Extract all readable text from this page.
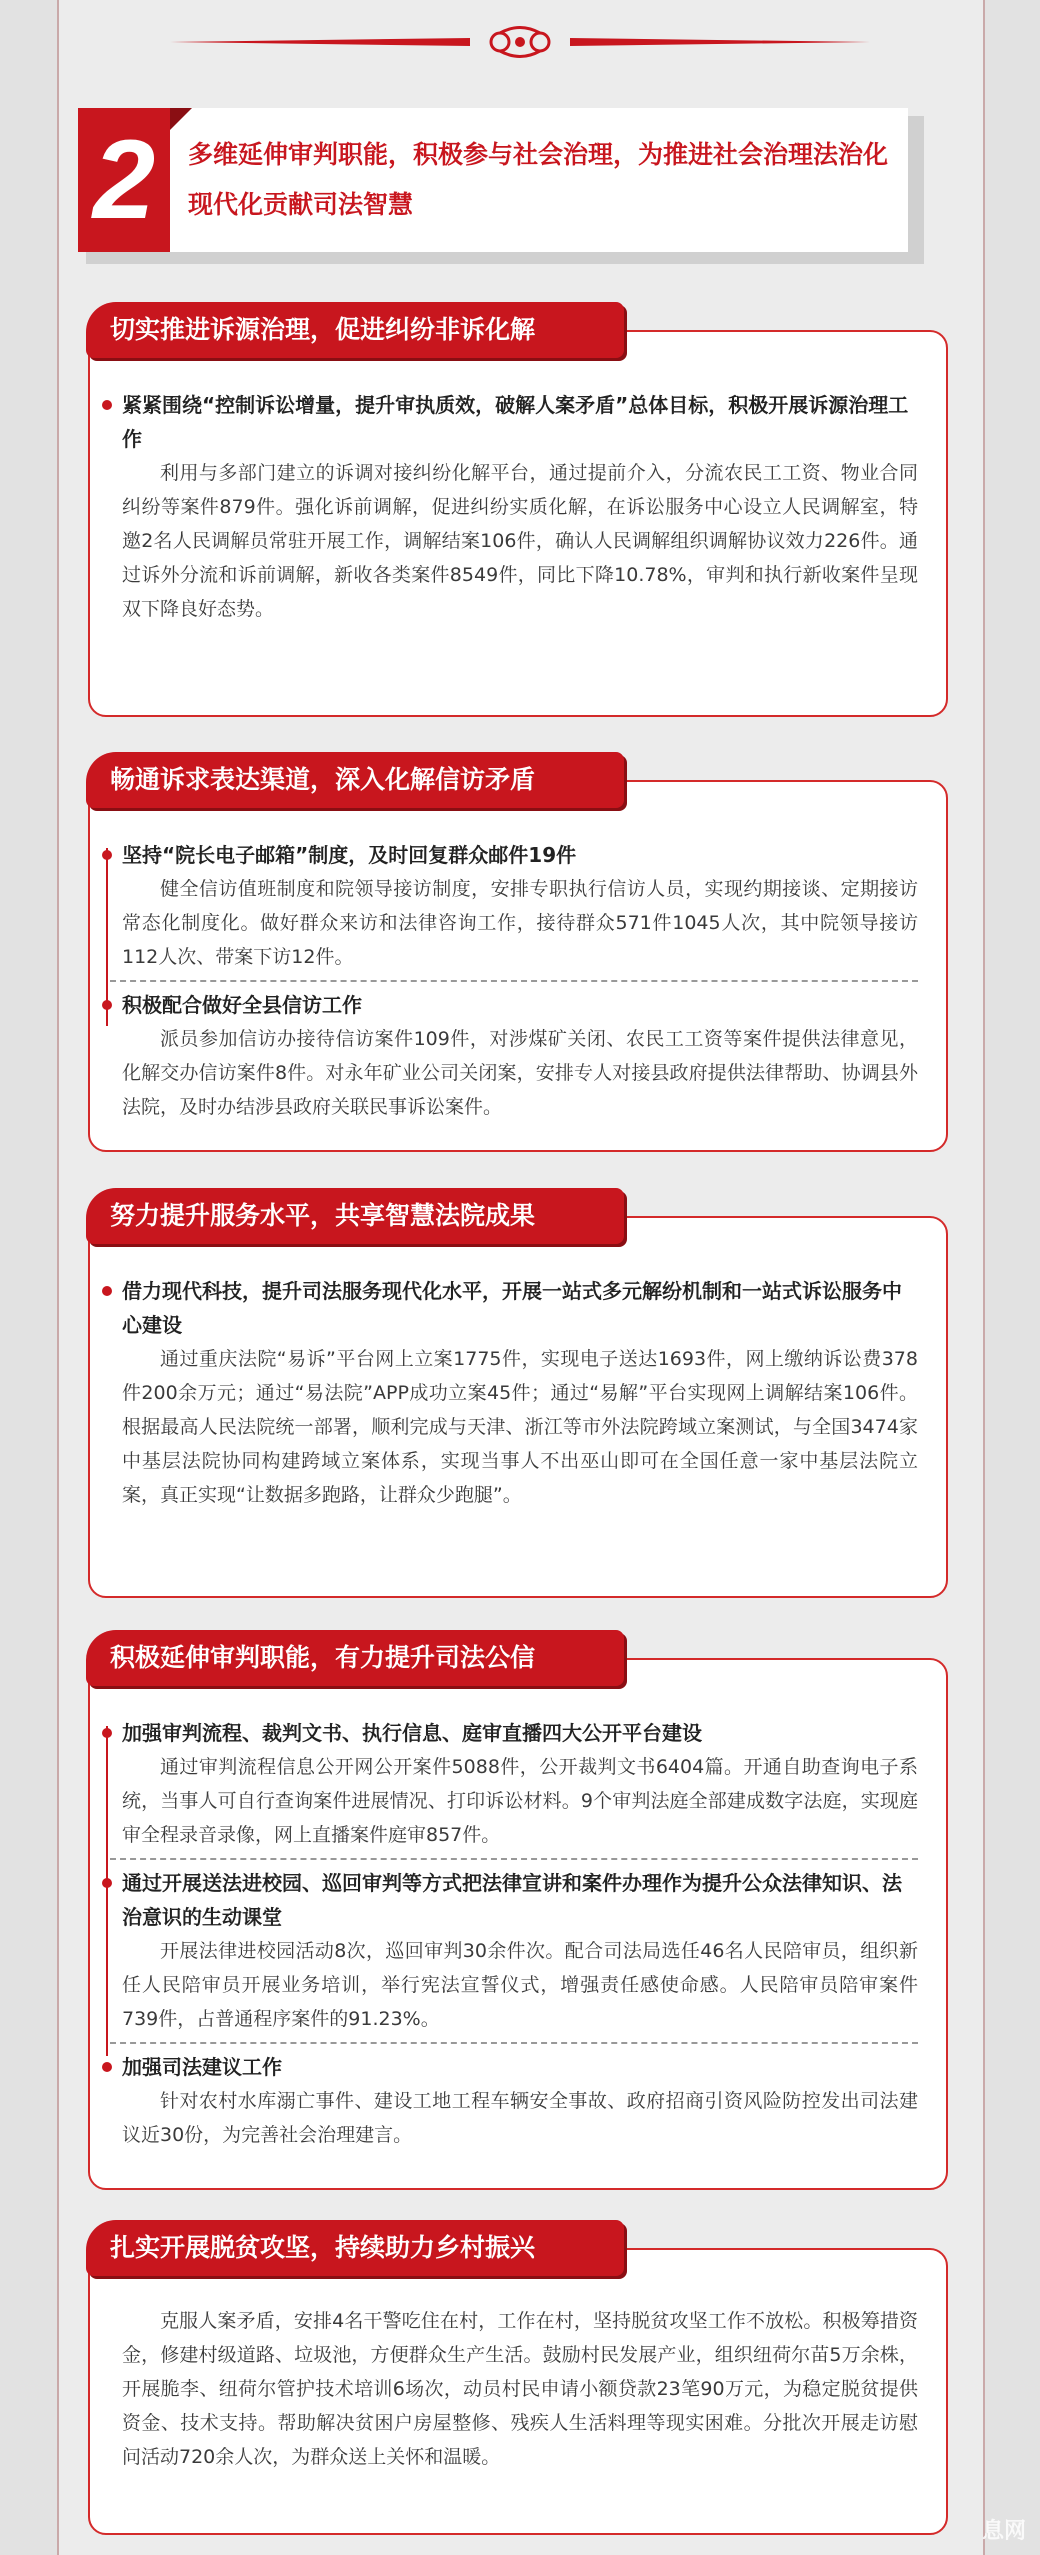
2	多维延伸审判职能，积极参与社会治理，为推进社会治理法治化现代化贡献司法智慧
切实推进诉源治理，促进纠纷非诉化解
紧紧围绕“控制诉讼增量，提升审执质效，破解人案矛盾”总体目标，积极开展诉源治理工作
利用与多部门建立的诉调对接纠纷化解平台，通过提前介入，分流农民工工资、物业合同纠纷等案件879件。强化诉前调解，促进纠纷实质化解，在诉讼服务中心设立人民调解室，特邀2名人民调解员常驻开展工作，调解结案106件，确认人民调解组织调解协议效力226件。通过诉外分流和诉前调解，新收各类案件8549件，同比下降10.78%，审判和执行新收案件呈现双下降良好态势。
畅通诉求表达渠道，深入化解信访矛盾
坚持“院长电子邮箱”制度，及时回复群众邮件19件
健全信访值班制度和院领导接访制度，安排专职执行信访人员，实现约期接谈、定期接访常态化制度化。做好群众来访和法律咨询工作，接待群众571件1045人次，其中院领导接访112人次、带案下访12件。
积极配合做好全县信访工作
派员参加信访办接待信访案件109件，对涉煤矿关闭、农民工工资等案件提供法律意见，化解交办信访案件8件。对永年矿业公司关闭案，安排专人对接县政府提供法律帮助、协调县外法院，及时办结涉县政府关联民事诉讼案件。
努力提升服务水平，共享智慧法院成果
借力现代科技，提升司法服务现代化水平，开展一站式多元解纷机制和一站式诉讼服务中心建设
通过重庆法院“易诉”平台网上立案1775件，实现电子送达1693件，网上缴纳诉讼费378件200余万元；通过“易法院”APP成功立案45件；通过“易解”平台实现网上调解结案106件。根据最高人民法院统一部署，顺利完成与天津、浙江等市外法院跨域立案测试，与全国3474家中基层法院协同构建跨域立案体系，实现当事人不出巫山即可在全国任意一家中基层法院立案，真正实现“让数据多跑路，让群众少跑腿”。
积极延伸审判职能，有力提升司法公信
加强审判流程、裁判文书、执行信息、庭审直播四大公开平台建设
通过审判流程信息公开网公开案件5088件，公开裁判文书6404篇。开通自助查询电子系统，当事人可自行查询案件进展情况、打印诉讼材料。9个审判法庭全部建成数字法庭，实现庭审全程录音录像，网上直播案件庭审857件。
通过开展送法进校园、巡回审判等方式把法律宣讲和案件办理作为提升公众法律知识、法治意识的生动课堂
开展法律进校园活动8次，巡回审判30余件次。配合司法局选任46名人民陪审员，组织新任人民陪审员开展业务培训，举行宪法宣誓仪式，增强责任感使命感。人民陪审员陪审案件739件，占普通程序案件的91.23%。
加强司法建议工作
针对农村水库溺亡事件、建设工地工程车辆安全事故、政府招商引资风险防控发出司法建议近30份，为完善社会治理建言。
扎实开展脱贫攻坚，持续助力乡村振兴
克服人案矛盾，安排4名干警吃住在村，工作在村，坚持脱贫攻坚工作不放松。积极筹措资金，修建村级道路、垃圾池，方便群众生产生活。鼓励村民发展产业，组织纽荷尔苗5万余株，开展脆李、纽荷尔管护技术培训6场次，动员村民申请小额贷款23笔90万元，为稳定脱贫提供资金、技术支持。帮助解决贫困户房屋整修、残疾人生活料理等现实困难。分批次开展走访慰问活动720余人次，为群众送上关怀和温暖。
息网
